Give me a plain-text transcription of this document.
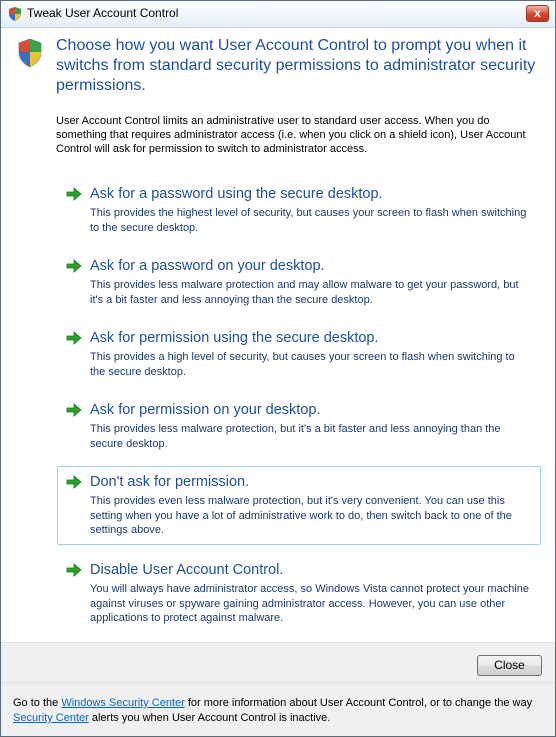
Tweak User Account Control	x
Choose how you want User Account Control to prompt you when it switchs from standard security permissions to administrator security permissions.
User Account Control limits an administrative user to standard user access. When you do something that requires administrator access (i.e. when you click on a shield icon), User Account Control will ask for permission to switch to administrator access.
Ask for a password using the secure desktop.
This provides the highest level of security, but causes your screen to flash when switching to the secure desktop.
Ask for a password on your desktop.
This provides less malware protection and may allow malware to get your password, but it's a bit faster and less annoying than the secure desktop.
Ask for permission using the secure desktop.
This provides a high level of security, but causes your screen to flash when switching to the secure desktop.
Ask for permission on your desktop.
This provides less malware protection, but it's a bit faster and less annoying than the secure desktop.
Don't ask for permission.
This provides even less malware protection, but it's very convenient. You can use this setting when you have a lot of administrative work to do, then switch back to one of the settings above.
Disable User Account Control.
You will always have administrator access, so Windows Vista cannot protect your machine against viruses or spyware gaining administrator access. However, you can use other applications to protect against malware.
Close
Go to the Windows Security Center for more information about User Account Control, or to change the way Security Center alerts you when User Account Control is inactive.
